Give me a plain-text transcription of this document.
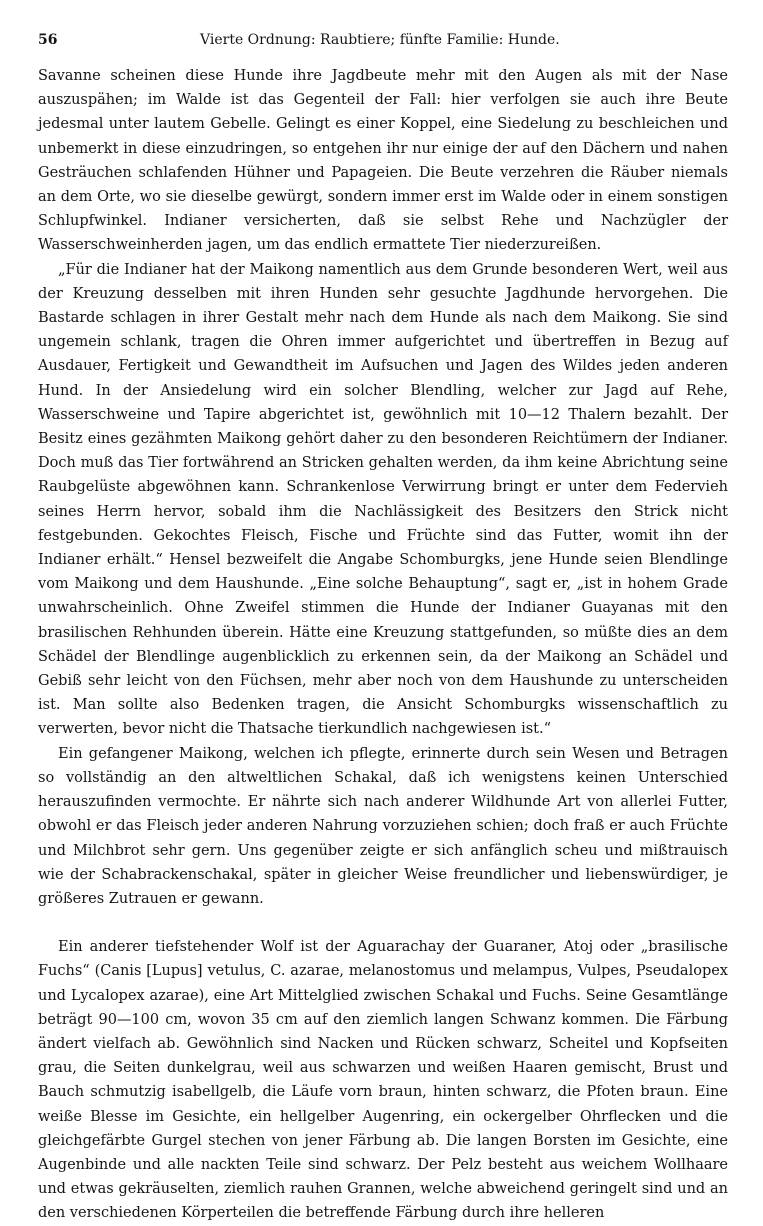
56	Vierte Ordnung: Raubtiere; fünfte Familie: Hunde.

Savanne scheinen diese Hunde ihre Jagdbeute mehr mit den Augen als mit der Nase auszuspähen; im Walde ist das Gegenteil der Fall: hier verfolgen sie auch ihre Beute jedesmal unter lautem Gebelle. Gelingt es einer Koppel, eine Siedelung zu beschleichen und unbemerkt in diese einzudringen, so entgehen ihr nur einige der auf den Dächern und nahen Gesträuchen schlafenden Hühner und Papageien. Die Beute verzehren die Räuber niemals an dem Orte, wo sie dieselbe gewürgt, sondern immer erst im Walde oder in einem sonstigen Schlupfwinkel. Indianer versicherten, daß sie selbst Rehe und Nachzügler der Wasserschweinherden jagen, um das endlich ermattete Tier niederzureißen.

„Für die Indianer hat der Maikong namentlich aus dem Grunde besonderen Wert, weil aus der Kreuzung desselben mit ihren Hunden sehr gesuchte Jagdhunde hervorgehen. Die Bastarde schlagen in ihrer Gestalt mehr nach dem Hunde als nach dem Maikong. Sie sind ungemein schlank, tragen die Ohren immer aufgerichtet und übertreffen in Bezug auf Ausdauer, Fertigkeit und Gewandtheit im Aufsuchen und Jagen des Wildes jeden anderen Hund. In der Ansiedelung wird ein solcher Blendling, welcher zur Jagd auf Rehe, Wasserschweine und Tapire abgerichtet ist, gewöhnlich mit 10—12 Thalern bezahlt. Der Besitz eines gezähmten Maikong gehört daher zu den besonderen Reichtümern der Indianer. Doch muß das Tier fortwährend an Stricken gehalten werden, da ihm keine Abrichtung seine Raubgelüste abgewöhnen kann. Schrankenlose Verwirrung bringt er unter dem Federvieh seines Herrn hervor, sobald ihm die Nachlässigkeit des Besitzers den Strick nicht festgebunden. Gekochtes Fleisch, Fische und Früchte sind das Futter, womit ihn der Indianer erhält.“ Hensel bezweifelt die Angabe Schomburgks, jene Hunde seien Blendlinge vom Maikong und dem Haushunde. „Eine solche Behauptung“, sagt er, „ist in hohem Grade unwahrscheinlich. Ohne Zweifel stimmen die Hunde der Indianer Guayanas mit den brasilischen Rehhunden überein. Hätte eine Kreuzung stattgefunden, so müßte dies an dem Schädel der Blendlinge augenblicklich zu erkennen sein, da der Maikong an Schädel und Gebiß sehr leicht von den Füchsen, mehr aber noch von dem Haushunde zu unterscheiden ist. Man sollte also Bedenken tragen, die Ansicht Schomburgks wissenschaftlich zu verwerten, bevor nicht die Thatsache tierkundlich nachgewiesen ist.“

Ein gefangener Maikong, welchen ich pflegte, erinnerte durch sein Wesen und Betragen so vollständig an den altweltlichen Schakal, daß ich wenigstens keinen Unterschied herauszufinden vermochte. Er nährte sich nach anderer Wildhunde Art von allerlei Futter, obwohl er das Fleisch jeder anderen Nahrung vorzuziehen schien; doch fraß er auch Früchte und Milchbrot sehr gern. Uns gegenüber zeigte er sich anfänglich scheu und mißtrauisch wie der Schabrackenschakal, später in gleicher Weise freundlicher und liebenswürdiger, je größeres Zutrauen er gewann.

Ein anderer tiefstehender Wolf ist der Aguarachay der Guaraner, Atoj oder „brasilische Fuchs“ (Canis [Lupus] vetulus, C. azarae, melanostomus und melampus, Vulpes, Pseudalopex und Lycalopex azarae), eine Art Mittelglied zwischen Schakal und Fuchs. Seine Gesamtlänge beträgt 90—100 cm, wovon 35 cm auf den ziemlich langen Schwanz kommen. Die Färbung ändert vielfach ab. Gewöhnlich sind Nacken und Rücken schwarz, Scheitel und Kopfseiten grau, die Seiten dunkelgrau, weil aus schwarzen und weißen Haaren gemischt, Brust und Bauch schmutzig isabellgelb, die Läufe vorn braun, hinten schwarz, die Pfoten braun. Eine weiße Blesse im Gesichte, ein hellgelber Augenring, ein ockergelber Ohrflecken und die gleichgefärbte Gurgel stechen von jener Färbung ab. Die langen Borsten im Gesichte, eine Augenbinde und alle nackten Teile sind schwarz. Der Pelz besteht aus weichem Wollhaare und etwas gekräuselten, ziemlich rauhen Grannen, welche abweichend geringelt sind und an den verschiedenen Körperteilen die betreffende Färbung durch ihre helleren
